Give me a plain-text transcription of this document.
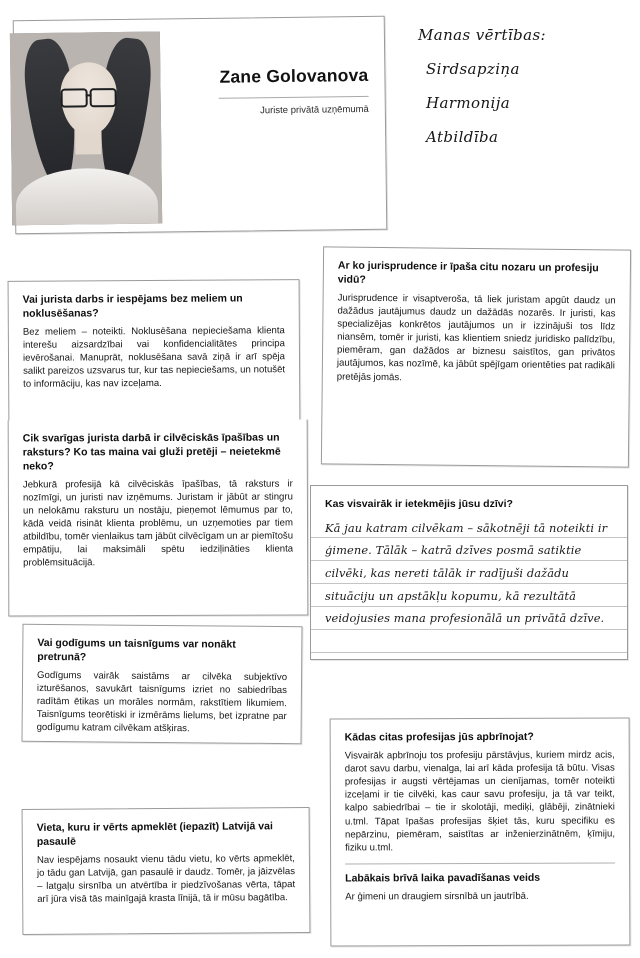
Zane Golovanova
Juriste privātā uzņēmumā
Manas vērtības:
Sirdsapziņa
Harmonija
Atbildība
Vai jurista darbs ir iespējams bez meliem un noklusēšanas?

Bez meliem – noteikti. Noklusēšana nepieciešama klienta interešu aizsardzībai vai konfidencialitātes principa ievērošanai. Manuprāt, noklusēšana savā ziņā ir arī spēja salikt pareizos uzsvarus tur, kur tas nepieciešams, un notušēt to informāciju, kas nav izceļama.

Cik svarīgas jurista darbā ir cilvēciskās īpašības un raksturs? Ko tas maina vai gluži pretēji – neietekmē neko?

Jebkurā profesijā kā cilvēciskās īpašības, tā raksturs ir nozīmīgi, un juristi nav izņēmums. Juristam ir jābūt ar stingru un nelokāmu raksturu un nostāju, pieņemot lēmumus par to, kādā veidā risināt klienta problēmu, un uzņemoties par tiem atbildību, tomēr vienlaikus tam jābūt cilvēcīgam un ar piemītošu empātiju, lai maksimāli spētu iedziļināties klienta problēmsituācijā.

Vai godīgums un taisnīgums var nonākt pretrunā?

Godīgums vairāk saistāms ar cilvēka subjektīvo izturēšanos, savukārt taisnīgums izriet no sabiedrības radītām ētikas un morāles normām, rakstītiem likumiem. Taisnīgums teorētiski ir izmērāms lielums, bet izpratne par godīgumu katram cilvēkam atšķiras.

Vieta, kuru ir vērts apmeklēt (iepazīt) Latvijā vai pasaulē

Nav iespējams nosaukt vienu tādu vietu, ko vērts apmeklēt, jo tādu gan Latvijā, gan pasaulē ir daudz. Tomēr, ja jāizvēlas – latgaļu sirsnība un atvērtība ir piedzīvošanas vērta, tāpat arī jūra visā tās mainīgajā krasta līnijā, tā ir mūsu bagātība.

Ar ko jurisprudence ir īpaša citu nozaru un profesiju vidū?

Jurisprudence ir visaptveroša, tā liek juristam apgūt daudz un dažādus jautājumus daudz un dažādās nozarēs. Ir juristi, kas specializējas konkrētos jautājumos un ir izzinājuši tos līdz niansēm, tomēr ir juristi, kas klientiem sniedz juridisko palīdzību, piemēram, gan dažādos ar biznesu saistītos, gan privātos jautājumos, kas nozīmē, ka jābūt spējīgam orientēties pat radikāli pretējās jomās.

Kas visvairāk ir ietekmējis jūsu dzīvi?
Kā jau katram cilvēkam – sākotnēji tā noteikti ir ģimene. Tālāk – katrā dzīves posmā satiktie cilvēki, kas nereti tālāk ir radījuši dažādu situāciju un apstākļu kopumu, kā rezultātā veidojusies mana profesionālā un privātā dzīve.
Kādas citas profesijas jūs apbrīnojat?

Visvairāk apbrīnoju tos profesiju pārstāvjus, kuriem mirdz acis, darot savu darbu, vienalga, lai arī kāda profesija tā būtu. Visas profesijas ir augsti vērtējamas un cienījamas, tomēr noteikti izceļami ir tie cilvēki, kas caur savu profesiju, ja tā var teikt, kalpo sabiedrībai – tie ir skolotāji, mediķi, glābēji, zinātnieki u.tml. Tāpat īpašas profesijas šķiet tās, kuru specifiku es nepārzinu, piemēram, saistītas ar inženierzinātnēm, ķīmiju, fiziku u.tml.

Labākais brīvā laika pavadīšanas veids

Ar ģimeni un draugiem sirsnībā un jautrībā.
